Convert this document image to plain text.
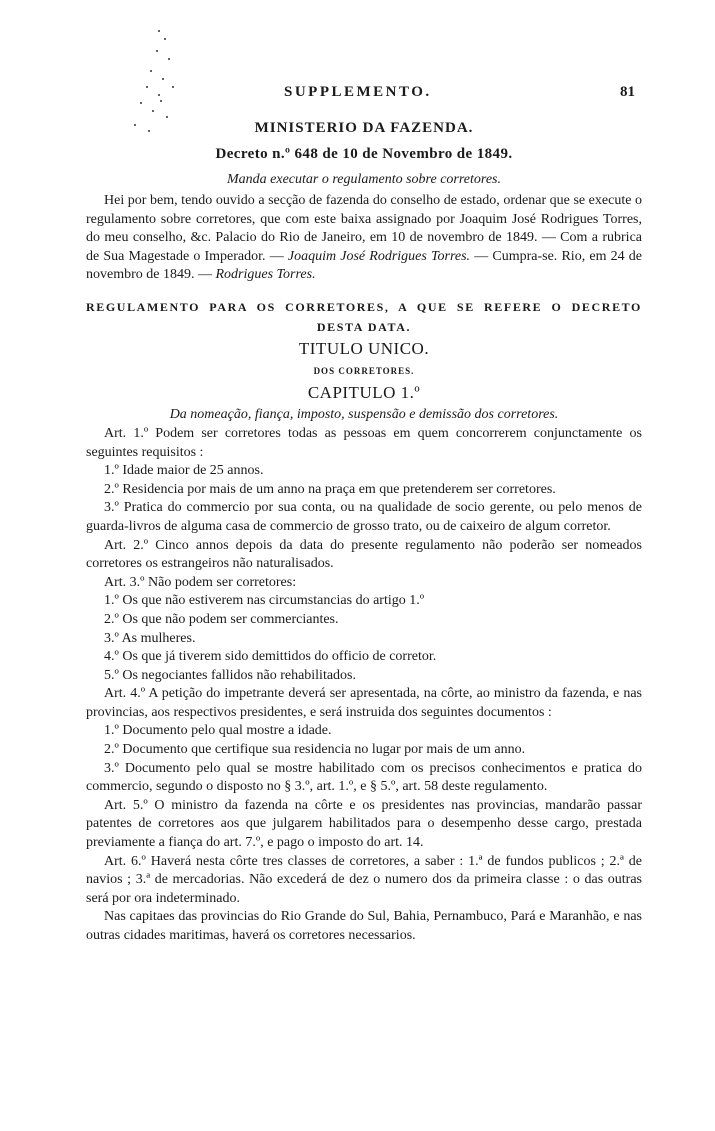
SUPPLEMENTO.	81
MINISTERIO DA FAZENDA.
Decreto n.º 648 de 10 de Novembro de 1849.
Manda executar o regulamento sobre corretores.

Hei por bem, tendo ouvido a secção de fazenda do conselho de estado, ordenar que se execute o regulamento sobre corretores, que com este baixa assignado por Joaquim José Rodrigues Torres, do meu conselho, &c. Palacio do Rio de Janeiro, em 10 de novembro de 1849. — Com a rubrica de Sua Magestade o Imperador. — Joaquim José Rodrigues Torres. — Cumpra-se. Rio, em 24 de novembro de 1849. — Rodrigues Torres.

REGULAMENTO PARA OS CORRETORES, A QUE SE REFERE O DECRETO
DESTA DATA.
TITULO UNICO.
DOS CORRETORES.
CAPITULO 1.º
Da nomeação, fiança, imposto, suspensão e demissão dos corretores.

Art. 1.º Podem ser corretores todas as pessoas em quem concorrerem conjunctamente os seguintes requisitos :

1.º Idade maior de 25 annos.

2.º Residencia por mais de um anno na praça em que pretenderem ser corretores.

3.º Pratica do commercio por sua conta, ou na qualidade de socio gerente, ou pelo menos de guarda-livros de alguma casa de commercio de grosso trato, ou de caixeiro de algum corretor.

Art. 2.º Cinco annos depois da data do presente regulamento não poderão ser nomeados corretores os estrangeiros não naturalisados.

Art. 3.º Não podem ser corretores:

1.º Os que não estiverem nas circumstancias do artigo 1.º

2.º Os que não podem ser commerciantes.

3.º As mulheres.

4.º Os que já tiverem sido demittidos do officio de corretor.

5.º Os negociantes fallidos não rehabilitados.

Art. 4.º A petição do impetrante deverá ser apresentada, na côrte, ao ministro da fazenda, e nas provincias, aos respectivos presidentes, e será instruida dos seguintes documentos :

1.º Documento pelo qual mostre a idade.

2.º Documento que certifique sua residencia no lugar por mais de um anno.

3.º Documento pelo qual se mostre habilitado com os precisos conhecimentos e pratica do commercio, segundo o disposto no § 3.º, art. 1.º, e § 5.º, art. 58 deste regulamento.

Art. 5.º O ministro da fazenda na côrte e os presidentes nas provincias, mandarão passar patentes de corretores aos que julgarem habilitados para o desempenho desse cargo, prestada previamente a fiança do art. 7.º, e pago o imposto do art. 14.

Art. 6.º Haverá nesta côrte tres classes de corretores, a saber : 1.ª de fundos publicos ; 2.ª de navios ; 3.ª de mercadorias. Não excederá de dez o numero dos da primeira classe : o das outras será por ora indeterminado.

Nas capitaes das provincias do Rio Grande do Sul, Bahia, Pernambuco, Pará e Maranhão, e nas outras cidades maritimas, haverá os corretores necessarios.
